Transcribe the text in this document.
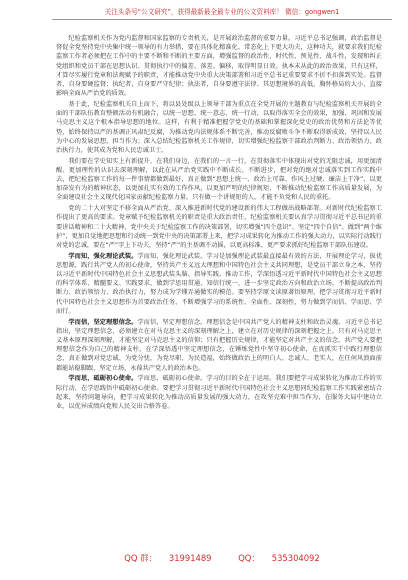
关注头条号“公文研究”，获得最新最全最专业的公文资料库！ 微信：gongwen1

纪检监察机关作为党内监督和国家监察的专责机关，是开展政治监督的重要力量。习近平总书记强调，政治监督是督促全党坚持党中央集中统一领导的有力举措，要在具体化精准化、常态化上下更大功夫，这种功夫，就要求我们纪检监察工作者必须把在工作中的主要不断和不断的主要方面，增强监督的政治性、时代性、预见性、战斗性，发现和纠正党组织和党员干部在思想认识、贯彻执行中的偏差、落差、偏移，取得明显日效。执本末从此的政治效果，只有这样，才算尽实履行党章和法规赋予的职责，才能推动党中央重大决策部署和习近平总书记重要要求不折不扣落到实处。监督者，自身要硬监督；执纪者，自身要严守纪律；执法者，自身要遵守法律。其思想境界的高低、胸怀格局的大小，直接影响全面从严治党的质效。

基于此，纪检监察机关自上而下，将以县处级以上领导干部为重点在全党开展的主题教育与纪检监察机关开展的全面的干部队伍教育整顿活动有机融合，以统一思想、统一意志、统一行动，以取得落实全会的效果，加强、巩固和发展马克思主义这个根本指导思想的地位。这样，有利于精准把握学党史的基础和掌握深化党史的政治优势和方法论等优势，始终保持以严的基调正风肃纪反腐，为推动党内法规体系不断完善，推动反腐败斗争不断取得新成效，坚持以人民为中心的发展思想，担当作为；深入总结纪检监察机关工作规律，切实增强纪检监察干部政治判断力、政治领悟力、政治执行力，使其成为党和人民忠诚卫士。

我们要在学史知实上有新提升，在我们身边，在我们的一言一行，在贯彻落实中体现出对党的无限忠诚，用更加清醒、更加理性的认识去深刻理解，以此在从严治党实践中不断成长、不断进步，把对党的绝对忠诚落实到工作实践中去，把纪检监察工作的每一件事情都做到最好，真正做到“思想上统一、政治上可靠、作风上过硬、廉洁上干净”，以更加奋发有为的精神状态，以更加扎实有效的工作作风，以更加严明的纪律规矩，不断推动纪检监察工作高质量发展，为全面建设社会主义现代化国家贡献纪检监察力量。只有做一个讲规矩的人，才能不负党和人民的重托。

党的二十大对坚定不移全面从严治党、深入推进新时代党的建设新的伟大工程做出战略部署。对新时代纪检监察工作提出了更高的要求。党章赋予纪检监察机关的职责是重大政治责任，纪检监察机关要认真学习贯彻习近平总书记的重要讲话精神和二十大精神，党中央关于纪检监察工作的决策部署，切实增强“四个意识”、坚定“四个自信”、做到“两个维护”，更加自觉地把思想和行动统一到党中央的决策部署上来，把学习成果转化为推动工作的强大动力，以实际行动践行对党的忠诚，要在“严”字上下功夫，坚持“严”的主基调不动摇，以更高标准、更严要求抓好纪检监察干部队伍建设。

学而知，强化理论武装。学而知，强化理论武装。学习是加强理论武装最直接最有效的方法，开展理论学习，拔优思想源，践行共产党人的初心使命，坚持共产主义远大理想和中国特色社会主义共同理想，是党员干部立身之本，坚持以习近平新时代中国特色社会主义思想武装头脑、指导实践、推动工作，学深悟透习近平新时代中国特色社会主义思想的科学体系、精髓要义、实践要求，做到学思用贯通、知信行统一，进一步坚定政治方向和政治立场，不断提高政治判断力、政治领悟力、政治执行力，努力成为学懂弄通做实的模范。要坚持学原文读原著悟原理，把学习贯彻习近平新时代中国特色社会主义思想作为首要政治任务，不断增强学习的系统性、全面性、深刻性，努力做到学而信、学而思、学而行。

学而信，坚定理想信念。学而信，坚定理想信念。理想信念是中国共产党人的精神支柱和政治灵魂。习近平总书记指出，坚定理想信念，必须建立在对马克思主义的深刻理解之上，建立在对历史规律的深刻把握之上。只有对马克思主义基本原理深刻理解，才能坚定对马克思主义的信仰；只有把握历史规律，才能坚定对共产主义的信念。共产党人要把理想信念作为自己的精神支柱，在学深悟透中坚定理想信念，在锤炼党性中坚守初心使命，在真抓实干中践行理想信念，真正做到对党忠诚、为党分忧、为党尽职、为民造福，始终做政治上的明白人、忠诚人、老实人，在任何风浪面前都能站稳脚跟、坚定立场，永葆共产党人的政治本色。

学而思，砥砺初心使命。学而思，砥砺初心使命。学习的目的全在于运用。我们要把学习成果转化为推动工作的实际行动，在学思践悟中砥砺初心使命。要把学习贯彻习近平新时代中国特色社会主义思想同纪检监察工作实践紧密结合起来，坚持问题导向，把学习成果转化为推动高质量发展的强大动力，在攻坚克难中担当作为，在服务大局中建功立业，以优异成绩向党和人民交出合格答卷。

QQ 群： 31991489	QQ： 535304092
